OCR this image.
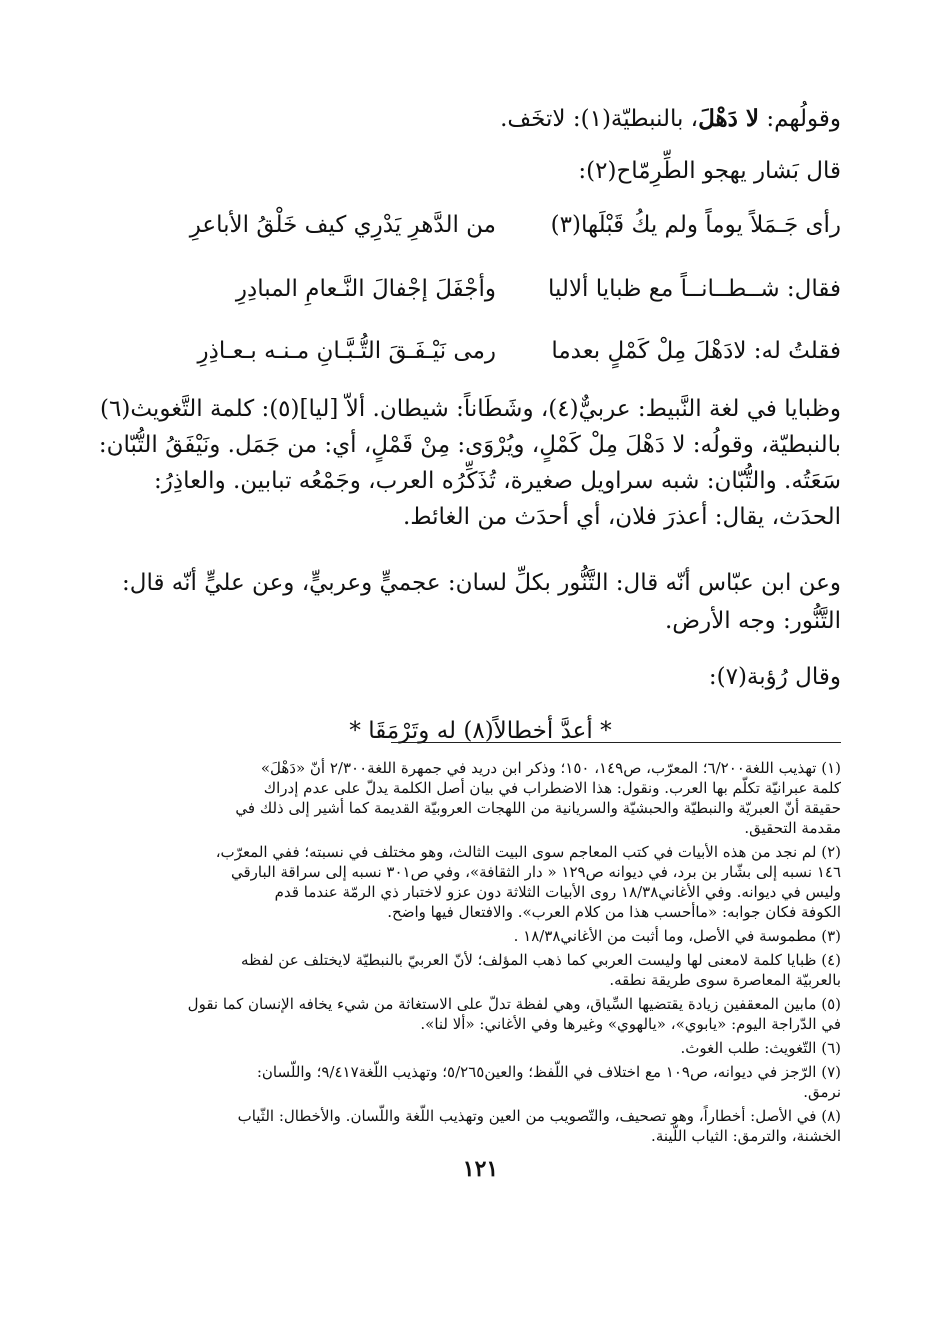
وقولُهم: لا دَهْلَ، بالنبطيّة(١): لاتخَف.
قال بَشار يهجو الطِّرِمّاح(٢):
رأى جَـمَلاً يوماً ولم يكُ قَبْلَها(٣)
من الدَّهرِ يَدْرِي كيف خَلْقُ الأباعرِ
فقال: شــطــانــاً مع ظبايا ألاليا
وأجْفَلَ إجْفالَ النَّـعامِ المبادِرِ
فقلتُ له: لادَهْلَ مِلْ كَمْلٍ بعدما
رمى نَيْـفَـقَ التُّـبَّـانِ مـنـه بـعـاذِرِ
وظبايا في لغة النَّبيط: عربيٌّ(٤)، وشَطَاناً: شيطان. ألاّ [ليا](٥): كلمة التَّغويث(٦)
بالنبطيّة، وقولُه: لا دَهْلَ مِلْ كَمْلٍ، ويُرْوَى: مِنْ قَمْلٍ، أي: من جَمَل. ونَيْفَقُ التُّبّان:
سَعَتُه. والتُّبّان: شبه سراويل صغيرة، تُذَكِّرُه العرب، وجَمْعُه تبابين. والعاذِرُ:
الحدَث، يقال: أعذرَ فلان، أي أحدَث من الغائط.
وعن ابن عبّاس أنّه قال: التَّنُّور بكلِّ لسان: عجميٍّ وعربيٍّ، وعن عليٍّ أنّه قال:
التَّنُّور: وجه الأرض.
وقال رُؤبة(٧):
* أعدَّ أخطالاً(٨) له وتَرْمَقَا *
(١) تهذيب اللغة٦/٢٠٠؛ المعرّب، ص١٤٩، ١٥٠؛ وذكر ابن دريد في جمهرة اللغة٢/٣٠٠ أنّ «دَهْلَ»
كلمة عبرانيّة تكلّم بها العرب. ونقول: هذا الاضطراب في بيان أصل الكلمة يدلّ على عدم إدراك
حقيقة أنّ العبريّة والنبطيّة والحبشيّة والسريانية من اللهجات العروبيّة القديمة كما أشير إلى ذلك في
مقدمة التحقيق.
(٢) لم نجد من هذه الأبيات في كتب المعاجم سوى البيت الثالث، وهو مختلف في نسبته؛ ففي المعرّب،
١٤٦ نسبه إلى بشّار بن برد، في ديوانه ص١٢٩ « دار الثقافة»، وفي ص٣٠١ نسبه إلى سراقة البارقي
وليس في ديوانه. وفي الأغاني١٨/٣٨ روى الأبيات الثلاثة دون عزو لاختبار ذي الرمّة عندما قدم
الكوفة فكان جوابه: «ماأحسب هذا من كلام العرب». والافتعال فيها واضح.
(٣) مطموسة في الأصل، وما أثبت من الأغاني١٨/٣٨ .
(٤) ظبايا كلمة لامعنى لها وليست العربي كما ذهب المؤلف؛ لأنّ العربيّ بالنبطيّة لايختلف عن لفظه
بالعربيّة المعاصرة سوى طريقة نطقه.
(٥) مابين المعقفين زيادة يقتضيها السِّياق، وهي لفظة تدلّ على الاستغاثة من شيء يخافه الإنسان كما نقول
في الدّراجة اليوم: «يابوي»، «يالهوي» وغيرها وفي الأغاني: «ألا لنا».
(٦) التّغويث: طلب الغوث.
(٧) الرّجز في ديوانه، ص١٠٩ مع اختلاف في اللّفظ؛ والعين٥/٢٦٥؛ وتهذيب اللّغة٩/٤١٧؛ واللّسان:
نرمق.
(٨) في الأصل: أخطاراً، وهو تصحيف، والتّصويب من العين وتهذيب اللّغة واللّسان. والأخطال: الثّياب
الخشنة، والترمق: الثياب اللّينة.
١٢١
